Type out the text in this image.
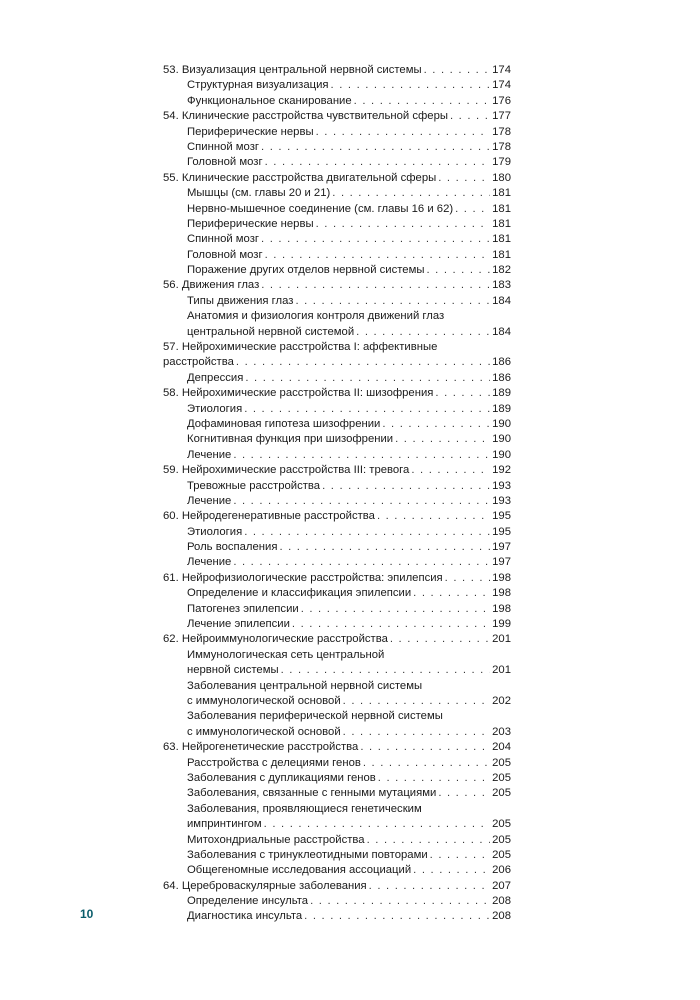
53. Визуализация центральной нервной системы . . .	174
Структурная визуализация . . .	174
Функциональное сканирование . . .	176
54. Клинические расстройства чувствительной сферы . . .	177
Периферические нервы . . .	178
Спинной мозг . . .	178
Головной мозг . . .	179
55. Клинические расстройства двигательной сферы . . .	180
Мышцы (см. главы 20 и 21) . . .	181
Нервно-мышечное соединение (см. главы 16 и 62) . . .	181
Периферические нервы . . .	181
Спинной мозг . . .	181
Головной мозг . . .	181
Поражение других отделов нервной системы . . .	182
56. Движения глаз . . .	183
Типы движения глаз . . .	184
Анатомия и физиология контроля движений глаз
центральной нервной системой . . .	184
57. Нейрохимические расстройства I: аффективные
расстройства . . .	186
Депрессия . . .	186
58. Нейрохимические расстройства II: шизофрения . . .	189
Этиология . . .	189
Дофаминовая гипотеза шизофрении . . .	190
Когнитивная функция при шизофрении . . .	190
Лечение . . .	190
59. Нейрохимические расстройства III: тревога . . .	192
Тревожные расстройства . . .	193
Лечение . . .	193
60. Нейродегенеративные расстройства . . .	195
Этиология . . .	195
Роль воспаления . . .	197
Лечение . . .	197
61. Нейрофизиологические расстройства: эпилепсия . . .	198
Определение и классификация эпилепсии . . .	198
Патогенез эпилепсии . . .	198
Лечение эпилепсии . . .	199
62. Нейроиммунологические расстройства . . .	201
Иммунологическая сеть центральной
нервной системы . . .	201
Заболевания центральной нервной системы
с иммунологической основой . . .	202
Заболевания периферической нервной системы
с иммунологической основой . . .	203
63. Нейрогенетические расстройства . . .	204
Расстройства с делециями генов . . .	205
Заболевания с дупликациями генов . . .	205
Заболевания, связанные с генными мутациями . . .	205
Заболевания, проявляющиеся генетическим
импринтингом . . .	205
Митохондриальные расстройства . . .	205
Заболевания с тринуклеотидными повторами . . .	205
Общегеномные исследования ассоциаций . . .	206
64. Цереброваскулярные заболевания . . .	207
Определение инсульта . . .	208
Диагностика инсульта . . .	208
10
